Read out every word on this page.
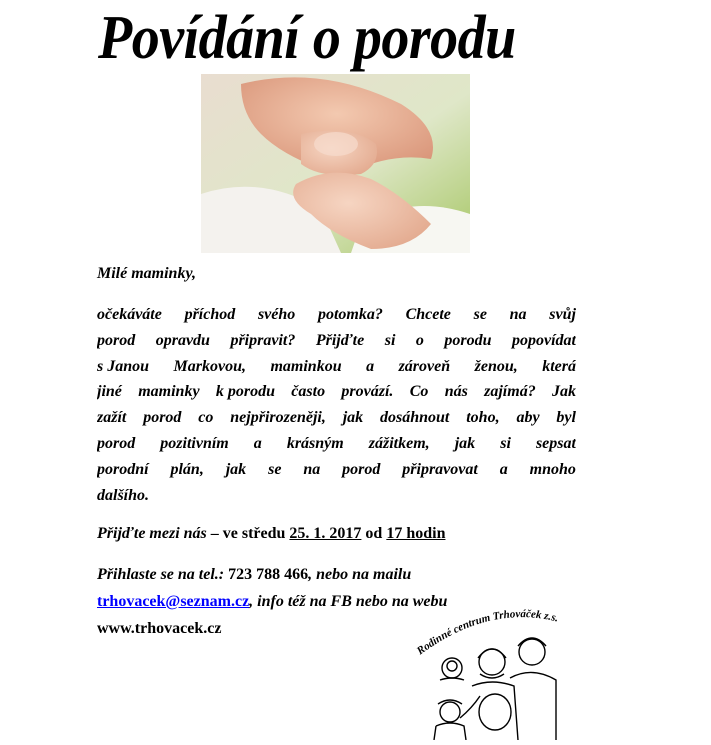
Povídání o porodu
Milé maminky,
očekáváte příchod svého potomka? Chcete se na svůj
porod opravdu připravit? Přijďte si o porodu popovídat
s Janou Markovou, maminkou a zároveň ženou, která
jiné maminky k porodu často provází. Co nás zajímá? Jak
zažít porod co nejpřirozeněji, jak dosáhnout toho, aby byl
porod pozitivním a krásným zážitkem, jak si sepsat
porodní plán, jak se na porod připravovat a mnoho
dalšího.
Přijďte mezi nás – ve středu 25. 1. 2017 od 17 hodin
Přihlaste se na tel.: 723 788 466, nebo na mailu
trhovacek@seznam.cz, info též na FB nebo na webu
www.trhovacek.cz
Rodinné centrum Trhováček z.s.
